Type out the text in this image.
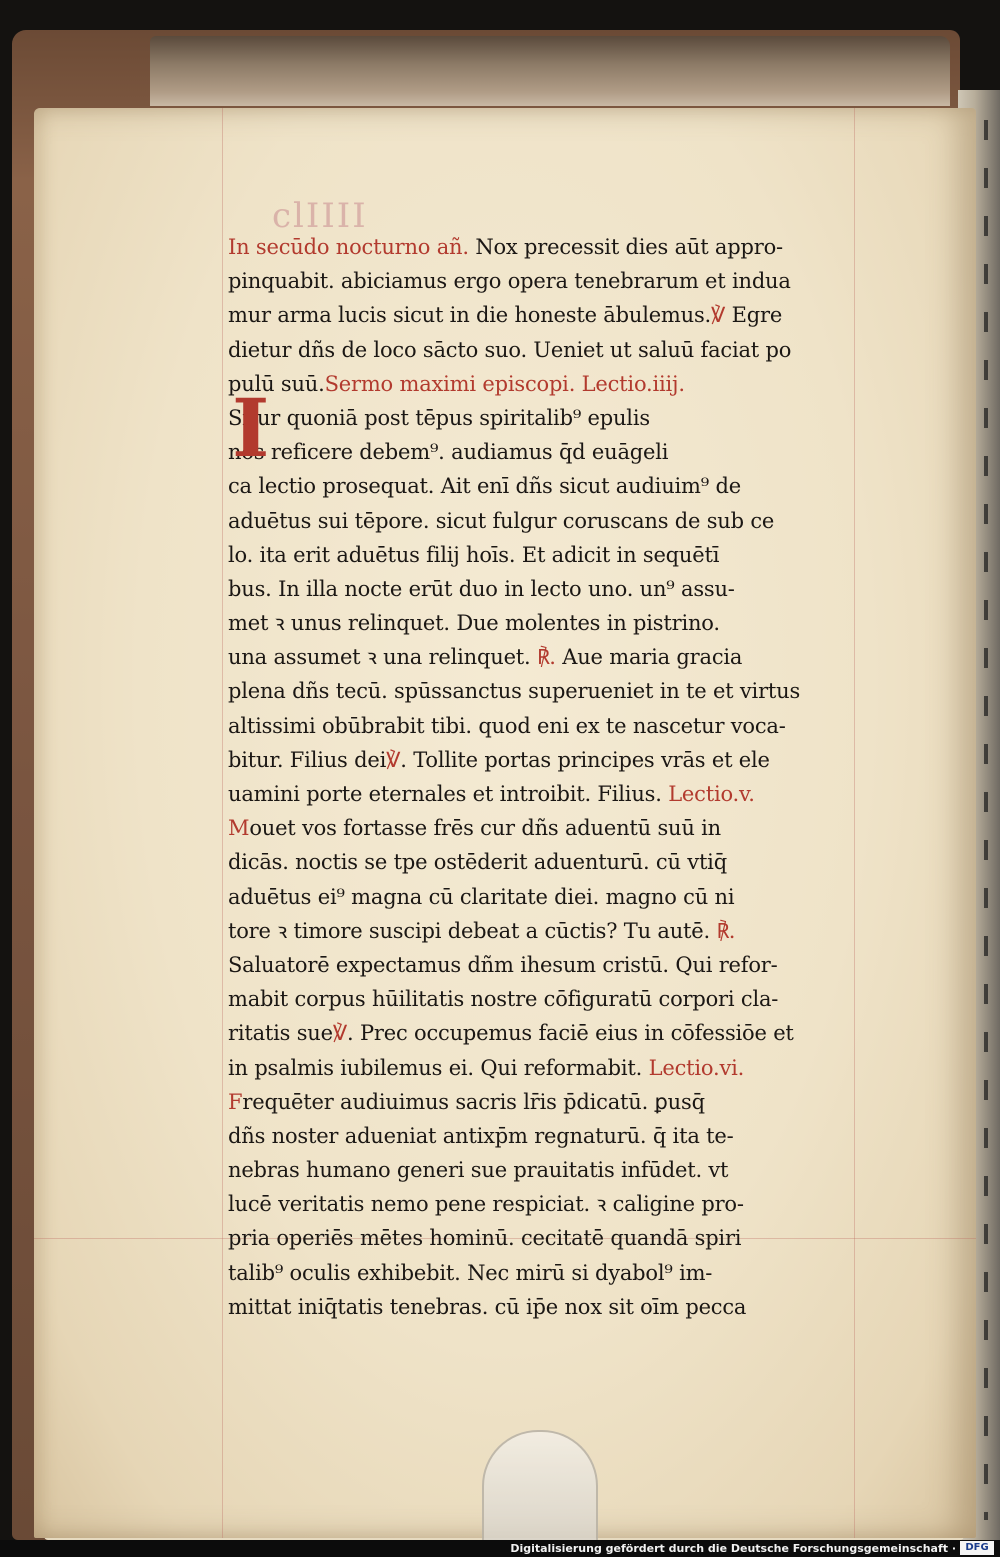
clIIII
I
In secūdo nocturno añ. Nox precessit dies aūt appro-
pinquabit. abiciamus ergo opera tenebrarum et indua
mur arma lucis sicut in die honeste ābulemus.℣ Egre
dietur dñs de loco sācto suo. Ueniet ut saluū faciat po
pulū suū.Sermo maximi episcopi. Lectio.iiij.
Situr quoniā post tēpus spiritalib⁹ epulis
nos reficere debem⁹. audiamus q̄d euāgeli
ca lectio prosequat. Ait enī dñs sicut audiuim⁹ de
aduētus sui tēpore. sicut fulgur coruscans de sub ce
lo. ita erit aduētus filij hoīs. Et adicit in sequētī
bus. In illa nocte erūt duo in lecto uno. un⁹ assu-
met ꝛ unus relinquet. Due molentes in pistrino.
una assumet ꝛ una relinquet. ℟. Aue maria gracia
plena dñs tecū. spūssanctus superueniet in te et virtus
altissimi obūbrabit tibi. quod eni ex te nascetur voca-
bitur. Filius dei℣. Tollite portas principes vrās et ele
uamini porte eternales et introibit. Filius. Lectio.v.
Mouet vos fortasse frēs cur dñs aduentū suū in
dicās. noctis se tpe ostēderit aduenturū. cū vtiq̄
aduētus ei⁹ magna cū claritate diei. magno cū ni
tore ꝛ timore suscipi debeat a cūctis? Tu autē. ℟.
Saluatorē expectamus dñm ihesum cristū. Qui refor-
mabit corpus hūilitatis nostre cōfiguratū corpori cla-
ritatis sue℣. Prec occupemus faciē eius in cōfessiōe et
in psalmis iubilemus ei. Qui reformabit. Lectio.vi.
Frequēter audiuimus sacris lr̄is p̄dicatū. ꝑusq̄
dñs noster adueniat antixp̄m regnaturū. q̄ ita te-
nebras humano generi sue prauitatis infūdet. vt
lucē veritatis nemo pene respiciat. ꝛ caligine pro-
pria operiēs mētes hominū. cecitatē quandā spiri
talib⁹ oculis exhibebit. Nec mirū si dyabol⁹ im-
mittat iniq̄tatis tenebras. cū ip̄e nox sit oīm pecca
Digitalisierung gefördert durch die Deutsche Forschungsgemeinschaft · DFG
